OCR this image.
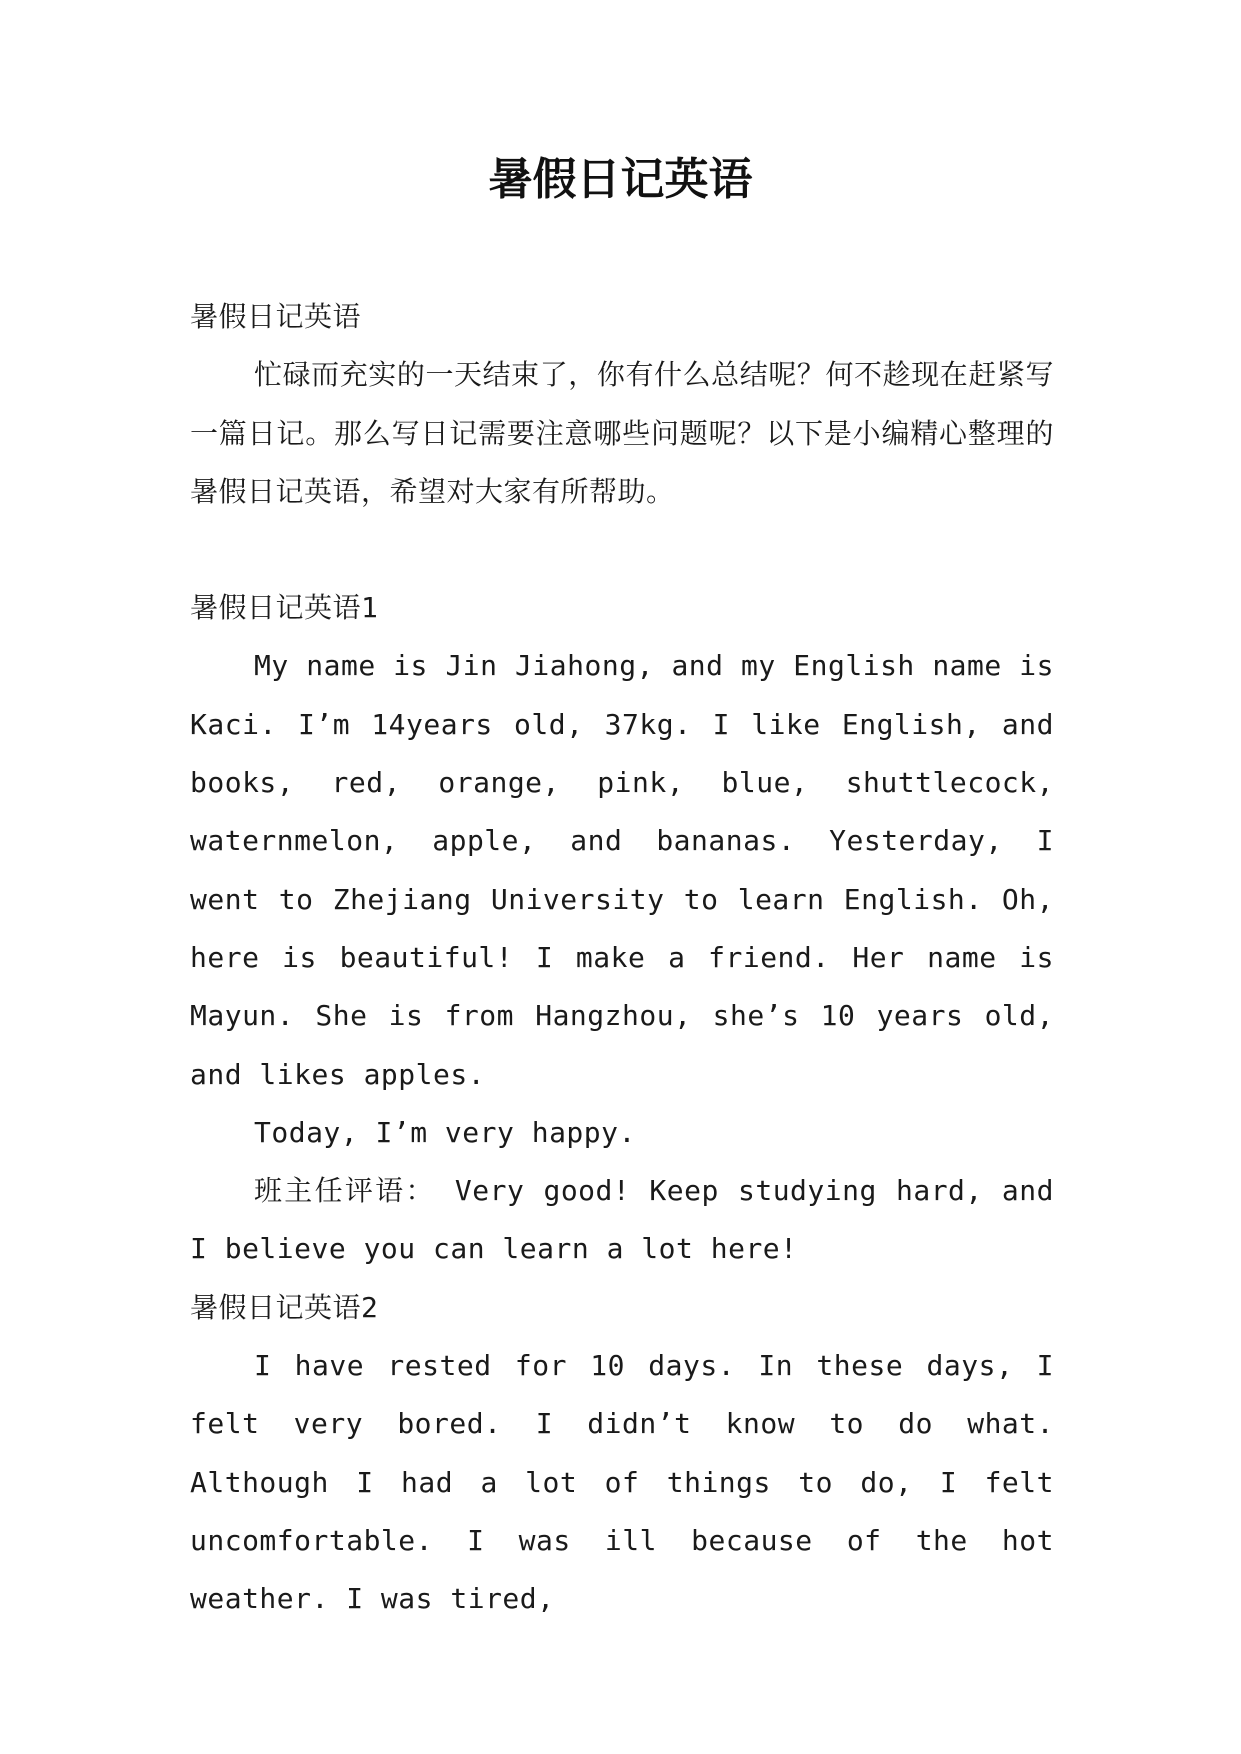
暑假日记英语

暑假日记英语

忙碌而充实的一天结束了，你有什么总结呢？何不趁现在赶紧写一篇日记。那么写日记需要注意哪些问题呢？以下是小编精心整理的暑假日记英语，希望对大家有所帮助。

暑假日记英语1

My name is Jin Jiahong, and my English name is Kaci. I’m 14years old, 37kg. I like English, and books, red, orange, pink, blue, shuttlecock, waternmelon, apple, and bananas. Yesterday, I went to Zhejiang University to learn English. Oh, here is beautiful! I make a friend. Her name is Mayun. She is from Hangzhou, she’s 10 years old, and likes apples.

Today, I’m very happy.

班主任评语： Very good! Keep studying hard, and I believe you can learn a lot here!

暑假日记英语2

I have rested for 10 days. In these days, I felt very bored. I didn’t know to do what. Although I had a lot of things to do, I felt uncomfortable. I was ill because of the hot weather. I was tired,
